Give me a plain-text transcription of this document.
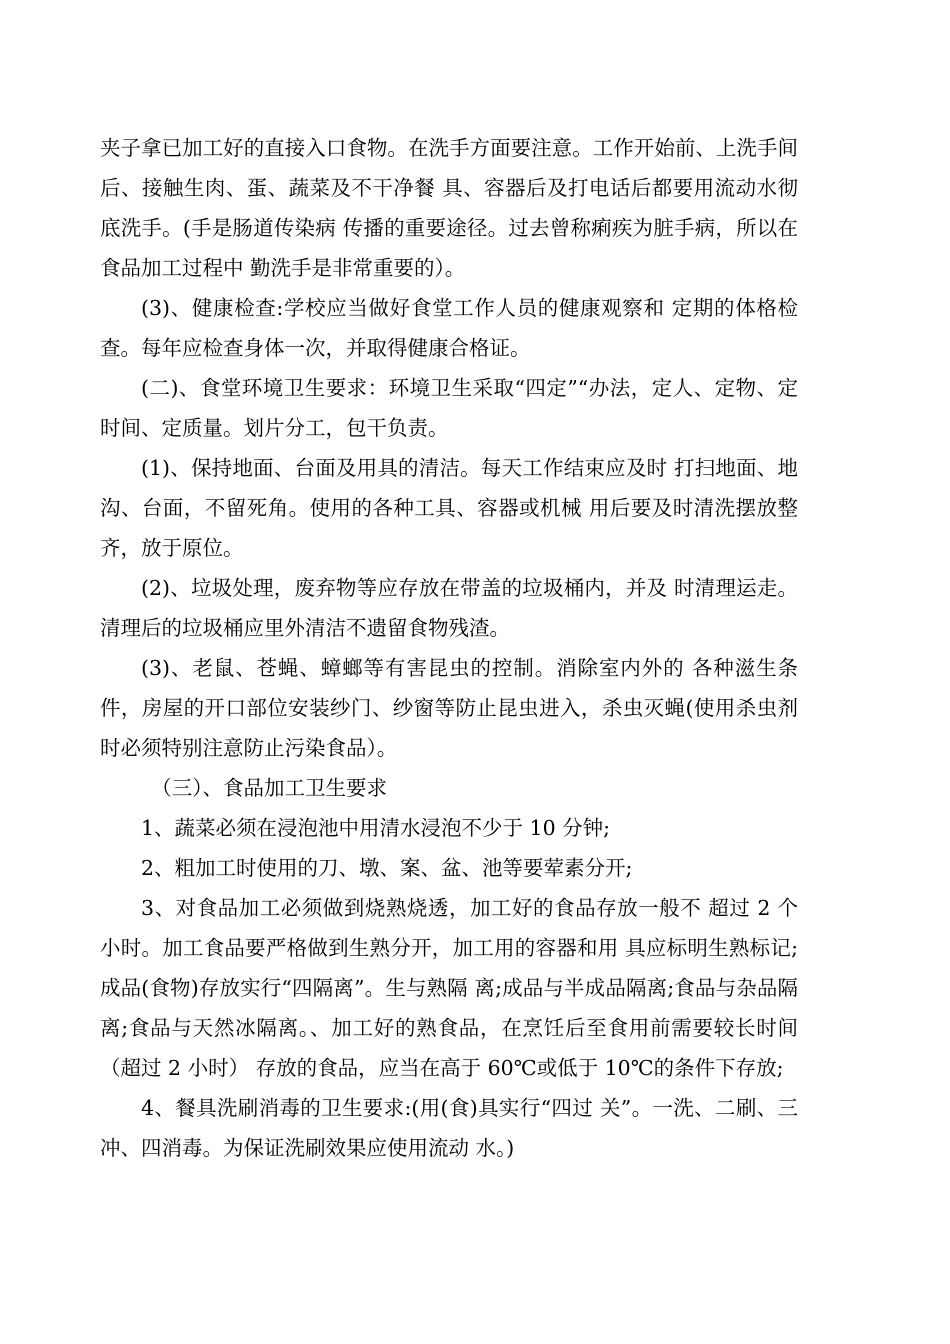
夹子拿已加工好的直接入口食物。在洗手方面要注意。工作开始前、上洗手间后、接触生肉、蛋、蔬菜及不干净餐 具、容器后及打电话后都要用流动水彻底洗手。(手是肠道传染病 传播的重要途径。过去曾称痢疾为脏手病，所以在食品加工过程中 勤洗手是非常重要的）。

(3)、健康检查:学校应当做好食堂工作人员的健康观察和 定期的体格检查。每年应检查身体一次，并取得健康合格证。

(二)、食堂环境卫生要求：环境卫生采取“四定”“办法，定人、定物、定时间、定质量。划片分工，包干负责。

(1)、保持地面、台面及用具的清洁。每天工作结束应及时 打扫地面、地沟、台面，不留死角。使用的各种工具、容器或机械 用后要及时清洗摆放整齐，放于原位。

(2)、垃圾处理，废弃物等应存放在带盖的垃圾桶内，并及 时清理运走。清理后的垃圾桶应里外清洁不遗留食物残渣。

(3)、老鼠、苍蝇、蟑螂等有害昆虫的控制。消除室内外的 各种滋生条件，房屋的开口部位安装纱门、纱窗等防止昆虫进入，杀虫灭蝇(使用杀虫剂时必须特别注意防止污染食品）。

（三）、食品加工卫生要求

1、蔬菜必须在浸泡池中用清水浸泡不少于 10 分钟;

2、粗加工时使用的刀、墩、案、盆、池等要荤素分开;

3、对食品加工必须做到烧熟烧透，加工好的食品存放一般不 超过 2 个小时。加工食品要严格做到生熟分开，加工用的容器和用 具应标明生熟标记;成品(食物)存放实行“四隔离”。生与熟隔 离;成品与半成品隔离;食品与杂品隔离;食品与天然冰隔离。、加工好的熟食品，在烹饪后至食用前需要较长时间（超过 2 小时） 存放的食品，应当在高于 60℃或低于 10℃的条件下存放;

4、餐具洗刷消毒的卫生要求:(用(食)具实行“四过 关”。一洗、二刷、三冲、四消毒。为保证洗刷效果应使用流动 水。)
